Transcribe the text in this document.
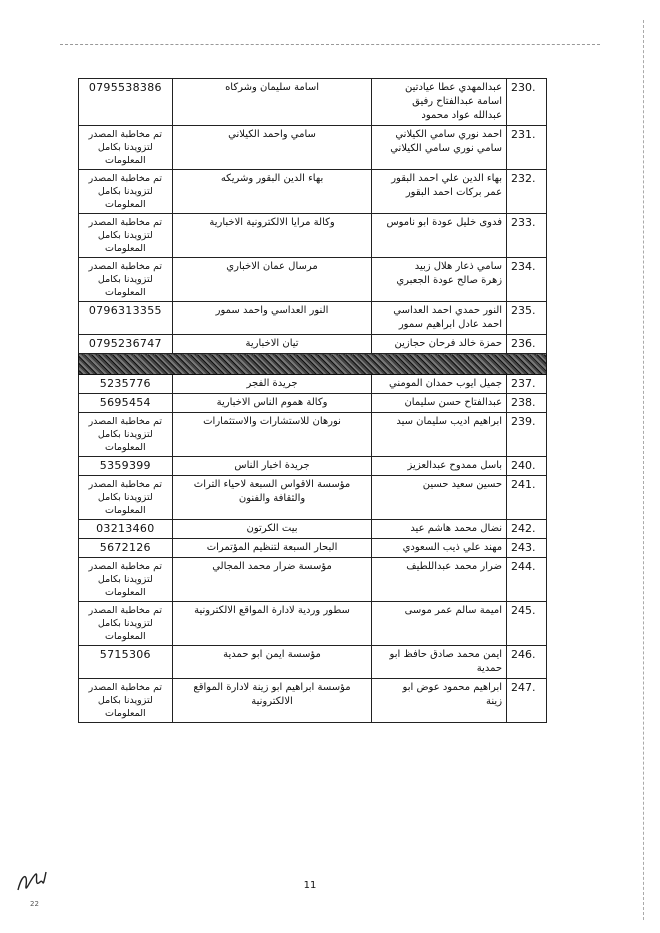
230.	عبدالمهدي عطا عيادتين
اسامة عبدالفتاح رفيق
عبدالله عواد محمود	اسامة سليمان وشركاه	0795538386
231.	احمد نوري سامي الكيلاني
سامي نوري سامي الكيلاني	سامي واحمد الكيلاني	تم مخاطبة المصدر
لتزويدنا بكامل
المعلومات
232.	بهاء الدين علي احمد البقور
عمر بركات احمد البقور	بهاء الدين البقور وشريكه	تم مخاطبة المصدر
لتزويدنا بكامل
المعلومات
233.	فدوى خليل عودة ابو ناموس	وكالة مرايا الالكترونية الاخبارية	تم مخاطبة المصدر
لتزويدنا بكامل
المعلومات
234.	سامي ذعار هلال زبيد
زهرة صالح عودة الجعبري	مرسال عمان الاخباري	تم مخاطبة المصدر
لتزويدنا بكامل
المعلومات
235.	النور حمدي احمد العداسي
احمد عادل ابراهيم سمور	النور العداسي واحمد سمور	0796313355
236.	حمزة خالد فرحان حجازين	تيان الاخبارية	0795236747

237.	جميل ايوب حمدان المومني	جريدة الفجر	5235776
238.	عبدالفتاح حسن سليمان	وكالة هموم الناس الاخبارية	5695454
239.	ابراهيم اديب سليمان سيد	نورهان للاستشارات والاستثمارات	تم مخاطبة المصدر
لتزويدنا بكامل
المعلومات
240.	باسل ممدوح عبدالعزيز	جريدة اخبار الناس	5359399
241.	حسين سعيد حسين	مؤسسة الاقواس السبعة لاحياء التراث
والثقافة والفنون	تم مخاطبة المصدر
لتزويدنا بكامل
المعلومات
242.	نضال محمد هاشم عيد	بيت الكرتون	03213460
243.	مهند علي ذيب السعودي	البحار السبعة لتنظيم المؤتمرات	5672126
244.	ضرار محمد عبداللطيف	مؤسسة ضرار محمد المجالي	تم مخاطبة المصدر
لتزويدنا بكامل
المعلومات
245.	اميمة سالم عمر موسى	سطور وردية لادارة المواقع الالكترونية	تم مخاطبة المصدر
لتزويدنا بكامل
المعلومات
246.	ايمن محمد صادق حافظ ابو
حمدية	مؤسسة ايمن ابو حمدية	5715306
247.	ابراهيم محمود عوض ابو
زينة	مؤسسة ابراهيم ابو زينة لادارة المواقع
الالكترونية	تم مخاطبة المصدر
لتزويدنا بكامل
المعلومات
22
11
